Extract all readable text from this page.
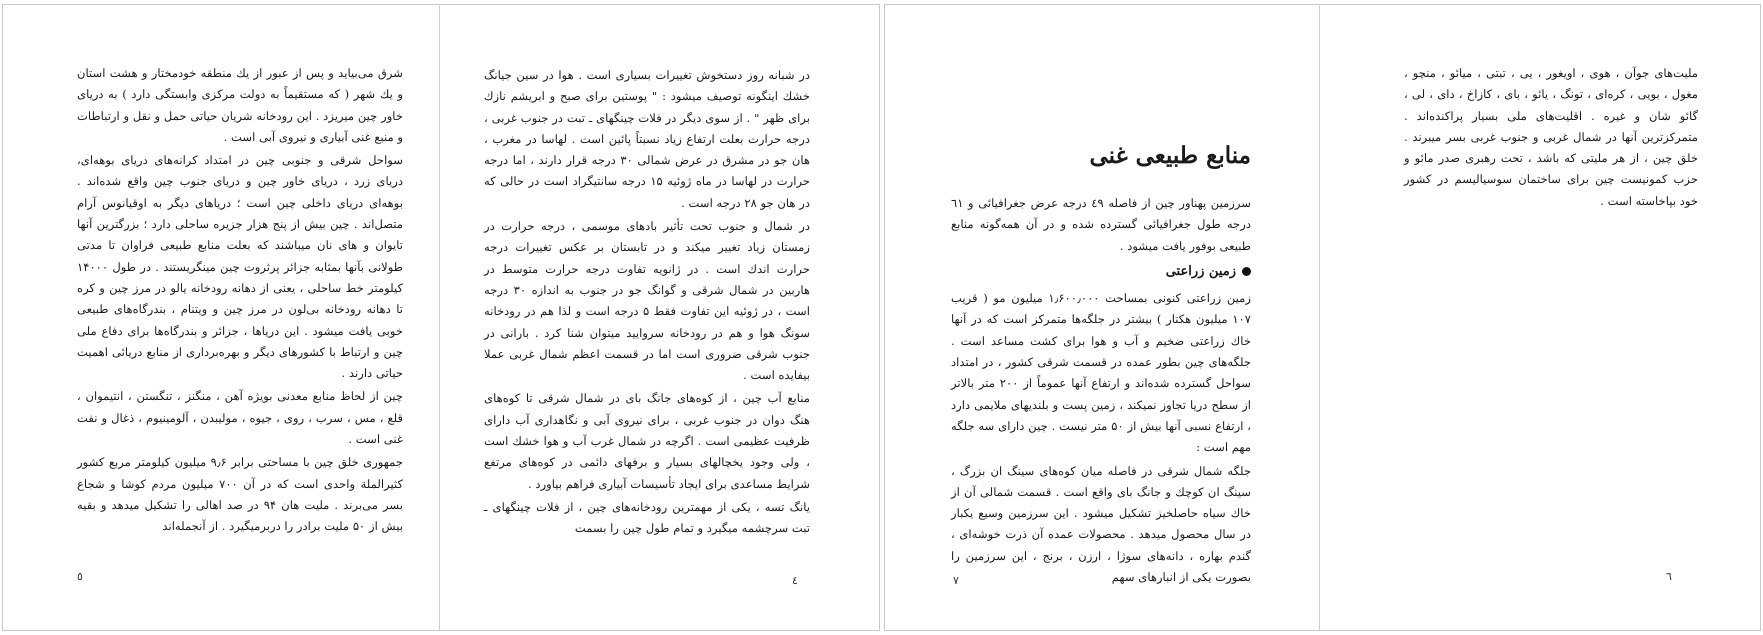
شرق می‌بیاید و پس از عبور از یك منطقه خودمختار و هشت استان و یك شهر ( که مستقیماً به دولت مرکزی وابستگی دارد ) به دریای خاور چین میریزد . این رودخانه شریان حیاتی حمل و نقل و ارتباطات و منبع غنی آبیاری و نیروی آبی است .

سواحل شرقی و جنوبی چین در امتداد کرانه‌های دریای بوهه‌ای، دریای زرد ، دریای خاور چین و دریای جنوب چین واقع شده‌اند . بوهه‌ای دریای داخلی چین است ؛ دریاهای دیگر به اوقیانوس آرام متصل‌اند . چین بیش از پنج هزار جزیره ساحلی دارد ؛ بزرگترین آنها تایوان و های نان میباشند که بعلت منابع طبیعی فراوان تا مدتی طولانی بآنها بمثابه جزائر پرثروت چین مینگریستند . در طول ۱۴۰۰۰ کیلومتر خط ساحلی ، یعنی از دهانه رودخانه یالو در مرز چین و کره تا دهانه رودخانه بی‌لون در مرز چین و ویتنام ، بندرگاه‌های طبیعی خوبی یافت میشود . این دریاها ، جزائر و بندرگاه‌ها برای دفاع ملی چین و ارتباط با کشورهای دیگر و بهره‌برداری از منابع دریائی اهمیت حیاتی دارند .

چین از لحاظ منابع معدنی بویژه آهن ، منگنز ، تنگستن ، انتیموان ، قلع ، مس ، سرب ، روی ، جیوه ، مولیبدن ، آلومینیوم ، ذغال و نفت غنی است .

جمهوری خلق چین با مساحتی برابر ۹٫۶ میلیون کیلومتر مربع کشور کثیرالملة واحدی است که در آن ۷۰۰ میلیون مردم کوشا و شجاع بسر می‌برند . ملیت هان ۹۴ در صد اهالی را تشکیل میدهد و بقیه بیش از ۵۰ ملیت برادر را دربرمیگیرد . از آنجمله‌اند

٥

در شبانه روز دستخوش تغییرات بسیاری است . هوا در سین جیانگ خشك اینگونه توصیف میشود : " پوستین برای صبح و ابریشم نازك برای ظهر " . از سوی دیگر در فلات چینگهای ـ تبت در جنوب غربی ، درجه حرارت بعلت ارتفاع زیاد نسبتاً پائین است . لهاسا در مغرب ، هان جو در مشرق در عرض شمالی ۳۰ درجه قرار دارند ، اما درجه حرارت در لهاسا در ماه ژوئیه ۱۵ درجه سانتیگراد است در حالی که در هان جو ۲۸ درجه است .

در شمال و جنوب تحت تأثیر بادهای موسمی ، درجه حرارت در زمستان زیاد تغییر میکند و در تابستان بر عکس تغییرات درجه حرارت اندك است . در ژانویه تفاوت درجه حرارت متوسط در هاربین در شمال شرقی و گوانگ جو در جنوب به اندازه ۳۰ درجه است ، در ژوئیه این تفاوت فقط ۵ درجه است و لذا هم در رودخانه سونگ هوا و هم در رودخانه سروایید میتوان شنا کرد . بارانی در جنوب شرقی ضروری است اما در قسمت اعظم شمال غربی عملا بیفایده است .

منابع آب چین ، از کوه‌های جانگ بای در شمال شرقی تا کوه‌های هنگ دوان در جنوب غربی ، برای نیروی آبی و نگاهداری آب دارای ظرفیت عظیمی است . اگرچه در شمال غرب آب و هوا خشك است ، ولی وجود یخچالهای بسیار و برفهای دائمی در کوه‌های مرتفع شرایط مساعدی برای ایجاد تأسیسات آبیاری فراهم بیاورد .

یانگ تسه ، یکی از مهمترین رودخانه‌های چین ، از فلات چینگهای ـ تبت سرچشمه میگیرد و تمام طول چین را بسمت

٤
منابع طبیعی غنی

سرزمین پهناور چین از فاصله ٤٩ درجه عرض جغرافیائی و ٦١ درجه طول جغرافیائی گسترده شده و در آن همه‌گونه منابع طبیعی بوفور یافت میشود .

زمین زراعتی

زمین زراعتی کنونی بمساحت ۱٫۶۰۰٫۰۰۰ میلیون مو ( قریب ۱۰۷ میلیون هکتار ) بیشتر در جلگه‌ها متمرکز است که در آنها خاك زراعتی ضخیم و آب و هوا برای کشت مساعد است . جلگه‌های چین بطور عمده در قسمت شرقی کشور ، در امتداد سواحل گسترده شده‌اند و ارتفاع آنها عموماً از ۲۰۰ متر بالاتر از سطح دریا تجاوز نمیکند ، زمین پست و بلندیهای ملایمی دارد ، ارتفاع نسبی آنها بیش از ۵۰ متر نیست . چین دارای سه جلگه مهم است :

جلگه شمال شرقی در فاصله میان کوه‌های سینگ ان بزرگ ، سینگ ان کوچك و جانگ بای واقع است . قسمت شمالی آن از خاك سیاه حاصلخیز تشکیل میشود . این سرزمین وسیع یکبار در سال محصول میدهد . محصولات عمده آن ذرت خوشه‌ای ، گندم بهاره ، دانه‌های سوژا ، ارزن ، برنج ، این سرزمین را بصورت یکی از انبارهای سهم

٧

ملیت‌های جوآن ، هوی ، اویغور ، یی ، تبتی ، میائو ، منچو ، مغول ، بویی ، کره‌ای ، تونگ ، یائو ، بای ، کازاخ ، دای ، لی ، گائو شان و غیره . اقلیت‌های ملی بسیار پراکنده‌اند . متمرکزترین آنها در شمال غربی و جنوب غربی بسر میبرند . خلق چین ، از هر ملیتی که باشد ، تحت رهبری صدر مائو و حزب کمونیست چین برای ساختمان سوسیالیسم در کشور خود بپاخاسته است .

٦
